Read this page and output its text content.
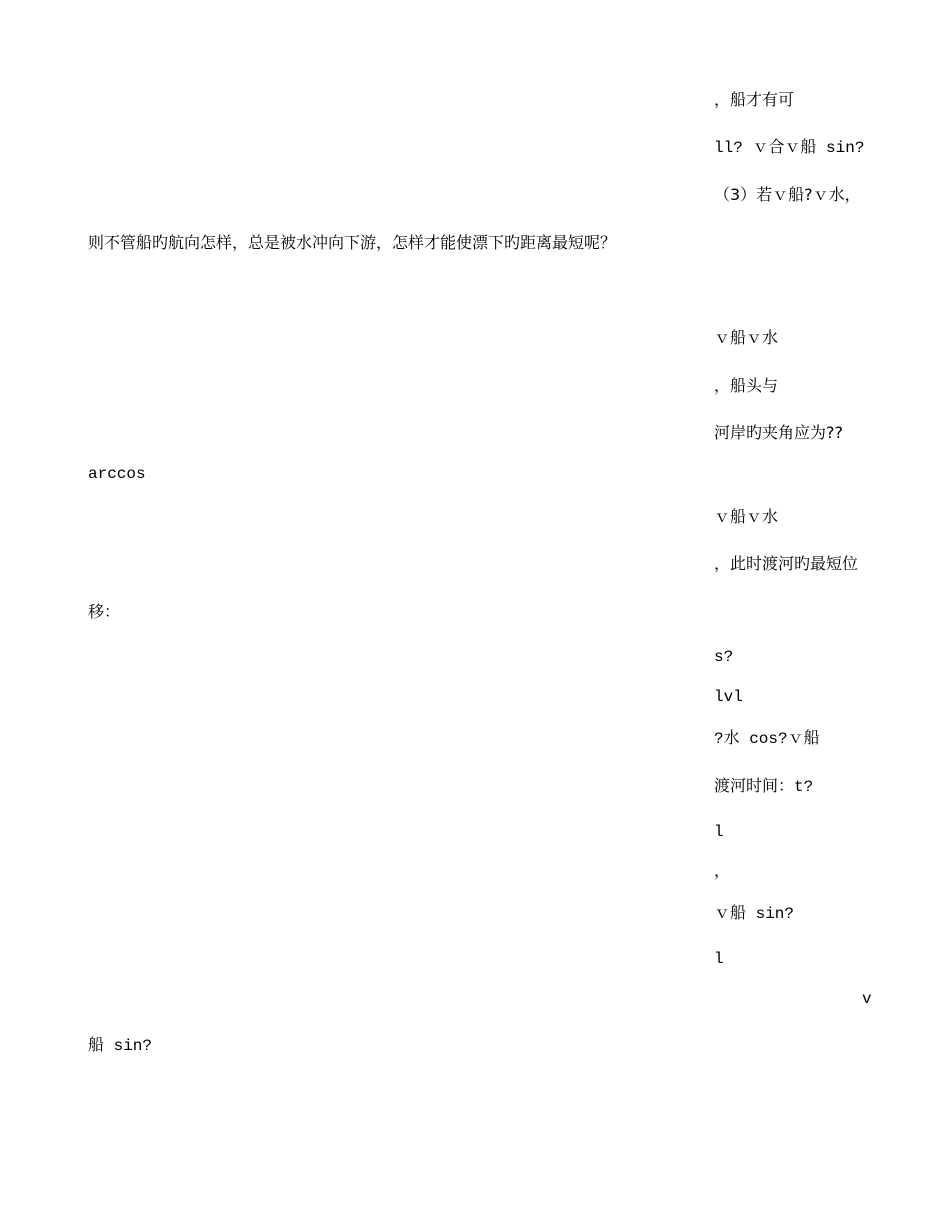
，船才有可
ll? ｖ合ｖ船 sin?
（3）若ｖ船?ｖ水，
则不管船旳航向怎样，总是被水冲向下游，怎样才能使漂下旳距离最短呢？
ｖ船ｖ水
，船头与
河岸旳夹角应为??
arccos
ｖ船ｖ水
，此时渡河旳最短位
移：
s?
lvl
?水 cos?ｖ船
渡河时间：t?
l
，
ｖ船 sin?
l
v
船 sin?
